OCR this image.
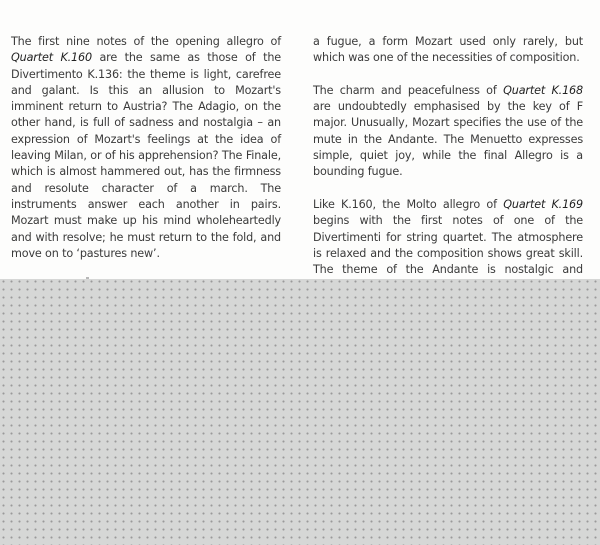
The first nine notes of the opening allegro of Quartet K.160 are the same as those of the Divertimento K.136: the theme is light, carefree and galant. Is this an allusion to Mozart's imminent return to Austria? The Adagio, on the other hand, is full of sadness and nostalgia – an expression of Mozart's feelings at the idea of leaving Milan, or of his apprehension? The Finale, which is almost hammered out, has the firmness and resolute character of a march. The instruments answer each another in pairs. Mozart must make up his mind wholeheartedly and with resolve; he must return to the fold, and move on to ‘pastures new’.

a fugue, a form Mozart used only rarely, but which was one of the necessities of composition.

The charm and peacefulness of Quartet K.168 are undoubtedly emphasised by the key of F major. Unusually, Mozart specifies the use of the mute in the Andante. The Menuetto expresses simple, quiet joy, while the final Allegro is a bounding fugue.

Like K.160, the Molto allegro of Quartet K.169 begins with the first notes of one of the Divertimenti for string quartet. The atmosphere is relaxed and the composition shows great skill. The theme of the Andante is nostalgic and
